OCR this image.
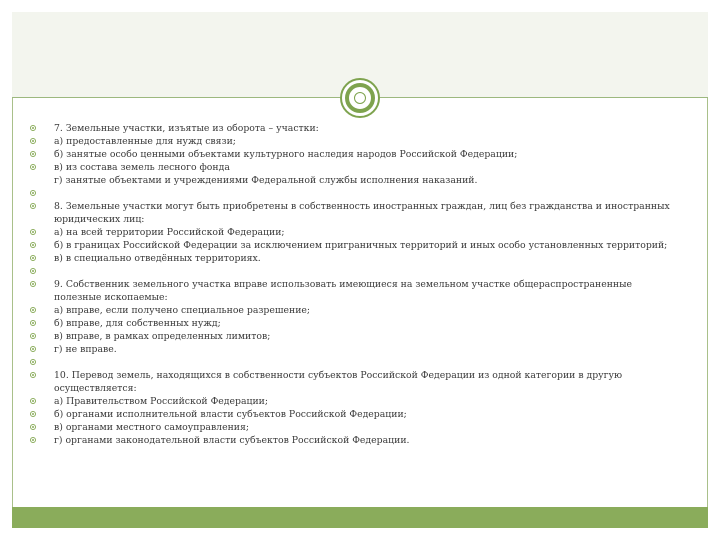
7. Земельные участки, изъятые из оборота – участки:
а) предоставленные для нужд связи;
б) занятые особо ценными объектами культурного наследия народов Российской Федерации;
в) из состава земель лесного фонда
г) занятые объектами и учреждениями Федеральной службы исполнения наказаний.
8. Земельные участки могут быть приобретены в собственность иностранных граждан, лиц без гражданства и иностранных юридических лиц:
а) на всей территории Российской Федерации;
б) в границах Российской Федерации за исключением приграничных территорий и иных особо установленных территорий;
в) в специально отведённых территориях.
9. Собственник земельного участка вправе использовать имеющиеся на земельном участке общераспространенные полезные ископаемые:
а) вправе, если получено специальное разрешение;
б) вправе, для собственных нужд;
в) вправе, в рамках определенных лимитов;
г) не вправе.
10. Перевод земель, находящихся в собственности субъектов Российской Федерации из одной категории в другую осуществляется:
а) Правительством Российской Федерации;
б) органами исполнительной власти субъектов Российской Федерации;
в) органами местного самоуправления;
г) органами законодательной власти субъектов Российской Федерации.
